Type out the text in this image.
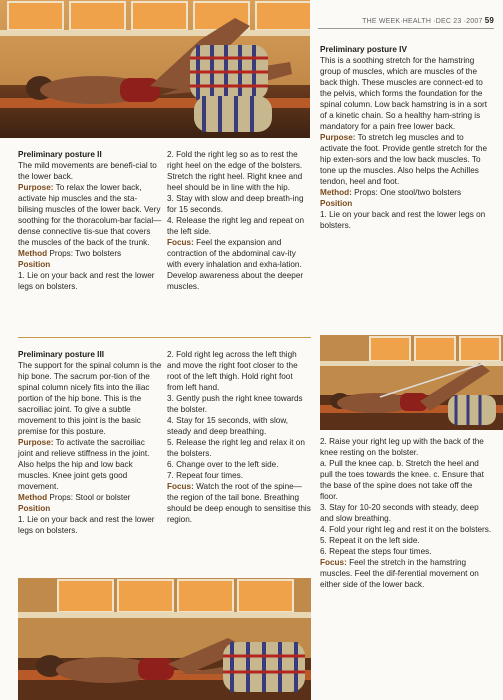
THE WEEK·HEALTH ·DEC 23 ·2007 59

Preliminary posture IV

This is a soothing stretch for the hamstring group of muscles, which are muscles of the back thigh. These muscles are connect-ed to the pelvis, which forms the foundation for the spinal column. Low back hamstring is in a sort of a kinetic chain. So a healthy ham-string is mandatory for a pain free lower back.

Purpose: To stretch leg muscles and to activate the foot. Provide gentle stretch for the hip exten-sors and the low back muscles. To tone up the muscles. Also helps the Achilles tendon, heel and foot.

Method: Props: One stool/two bolsters

Position

1. Lie on your back and rest the lower legs on bolsters.

Preliminary posture II

The mild movements are benefi-cial to the lower back.

Purpose: To relax the lower back, activate hip muscles and the sta-bilising muscles of the lower back. Very soothing for the thoracolum-bar facial—dense connective tis-sue that covers the muscles of the back of the trunk.

Method Props: Two bolsters

Position

1. Lie on your back and rest the lower legs on bolsters.

2. Fold the right leg so as to rest the right heel on the edge of the bolsters. Stretch the right heel. Right knee and heel should be in line with the hip.

3. Stay with slow and deep breath-ing for 15 seconds.

4. Release the right leg and repeat on the left side.

Focus: Feel the expansion and contraction of the abdominal cav-ity with every inhalation and exha-lation. Develop awareness about the deeper muscles.

Preliminary posture III

The support for the spinal column is the hip bone. The sacrum por-tion of the spinal column nicely fits into the iliac portion of the hip bone. This is the sacroiliac joint. To give a subtle movement to this joint is the basic premise for this posture.

Purpose: To activate the sacroiliac joint and relieve stiffness in the joint. Also helps the hip and low back muscles. Knee joint gets good movement.

Method Props: Stool or bolster

Position

1. Lie on your back and rest the lower legs on bolsters.

2. Fold right leg across the left thigh and move the right foot closer to the root of the left thigh. Hold right foot from left hand.

3. Gently push the right knee towards the bolster.

4. Stay for 15 seconds, with slow, steady and deep breathing.

5. Release the right leg and relax it on the bolsters.

6. Change over to the left side.

7. Repeat four times.

Focus: Watch the root of the spine—the region of the tail bone. Breathing should be deep enough to sensitise this region.

2. Raise your right leg up with the back of the knee resting on the bolster.

a. Pull the knee cap. b. Stretch the heel and pull the toes towards the knee. c. Ensure that the base of the spine does not take off the floor.

3. Stay for 10-20 seconds with steady, deep and slow breathing.

4. Fold your right leg and rest it on the bolsters.

5. Repeat it on the left side.

6. Repeat the steps four times.

Focus: Feel the stretch in the hamstring muscles. Feel the dif-ferential movement on either side of the lower back.
